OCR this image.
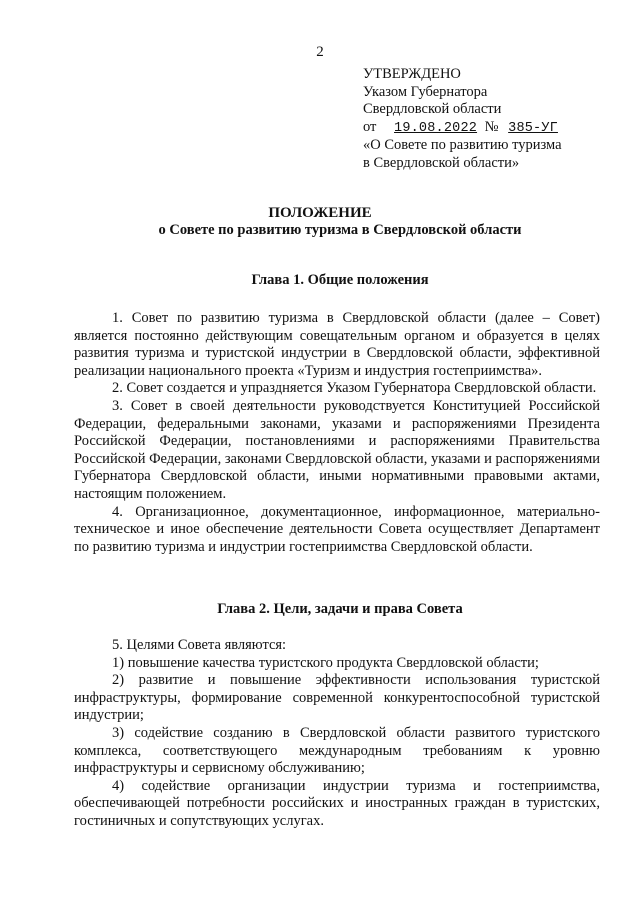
2
УТВЕРЖДЕНО
Указом Губернатора
Свердловской области
от 19.08.2022 № 385-УГ
«О Совете по развитию туризма
в Свердловской области»
ПОЛОЖЕНИЕ
о Совете по развитию туризма в Свердловской области
Глава 1. Общие положения

1. Совет по развитию туризма в Свердловской области (далее – Совет) является постоянно действующим совещательным органом и образуется в целях развития туризма и туристской индустрии в Свердловской области, эффективной реализации национального проекта «Туризм и индустрия гостеприимства».

2. Совет создается и упраздняется Указом Губернатора Свердловской области.

3. Совет в своей деятельности руководствуется Конституцией Российской Федерации, федеральными законами, указами и распоряжениями Президента Российской Федерации, постановлениями и распоряжениями Правительства Российской Федерации, законами Свердловской области, указами и распоряжениями Губернатора Свердловской области, иными нормативными правовыми актами, настоящим положением.

4. Организационное, документационное, информационное, материально-техническое и иное обеспечение деятельности Совета осуществляет Департамент по развитию туризма и индустрии гостеприимства Свердловской области.

Глава 2. Цели, задачи и права Совета

5. Целями Совета являются:

1) повышение качества туристского продукта Свердловской области;

2) развитие и повышение эффективности использования туристской инфраструктуры, формирование современной конкурентоспособной туристской индустрии;

3) содействие созданию в Свердловской области развитого туристского комплекса, соответствующего международным требованиям к уровню инфраструктуры и сервисному обслуживанию;

4) содействие организации индустрии туризма и гостеприимства, обеспечивающей потребности российских и иностранных граждан в туристских, гостиничных и сопутствующих услугах.
